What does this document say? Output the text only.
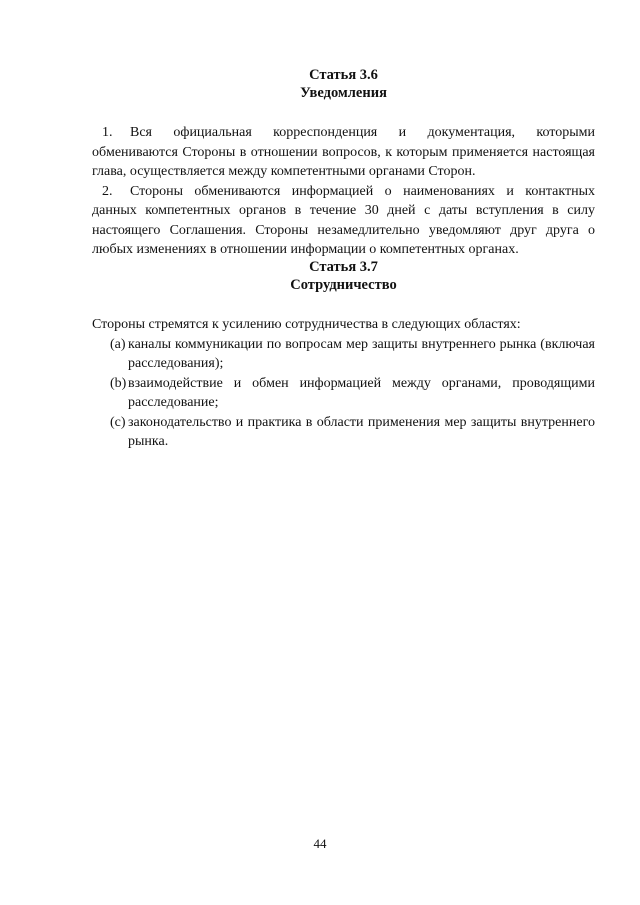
Статья 3.6
Уведомления

1. Вся официальная корреспонденция и документация, которыми обмениваются Стороны в отношении вопросов, к которым применяется настоящая глава, осуществляется между компетентными органами Сторон.

2. Стороны обмениваются информацией о наименованиях и контактных данных компетентных органов в течение 30 дней с даты вступления в силу настоящего Соглашения. Стороны незамедлительно уведомляют друг друга о любых изменениях в отношении информации о компетентных органах.

Статья 3.7
Сотрудничество

Стороны стремятся к усилению сотрудничества в следующих областях:

(a) каналы коммуникации по вопросам мер защиты внутреннего рынка (включая расследования);
(b) взаимодействие и обмен информацией между органами, проводящими расследование;
(c) законодательство и практика в области применения мер защиты внутреннего рынка.
44
